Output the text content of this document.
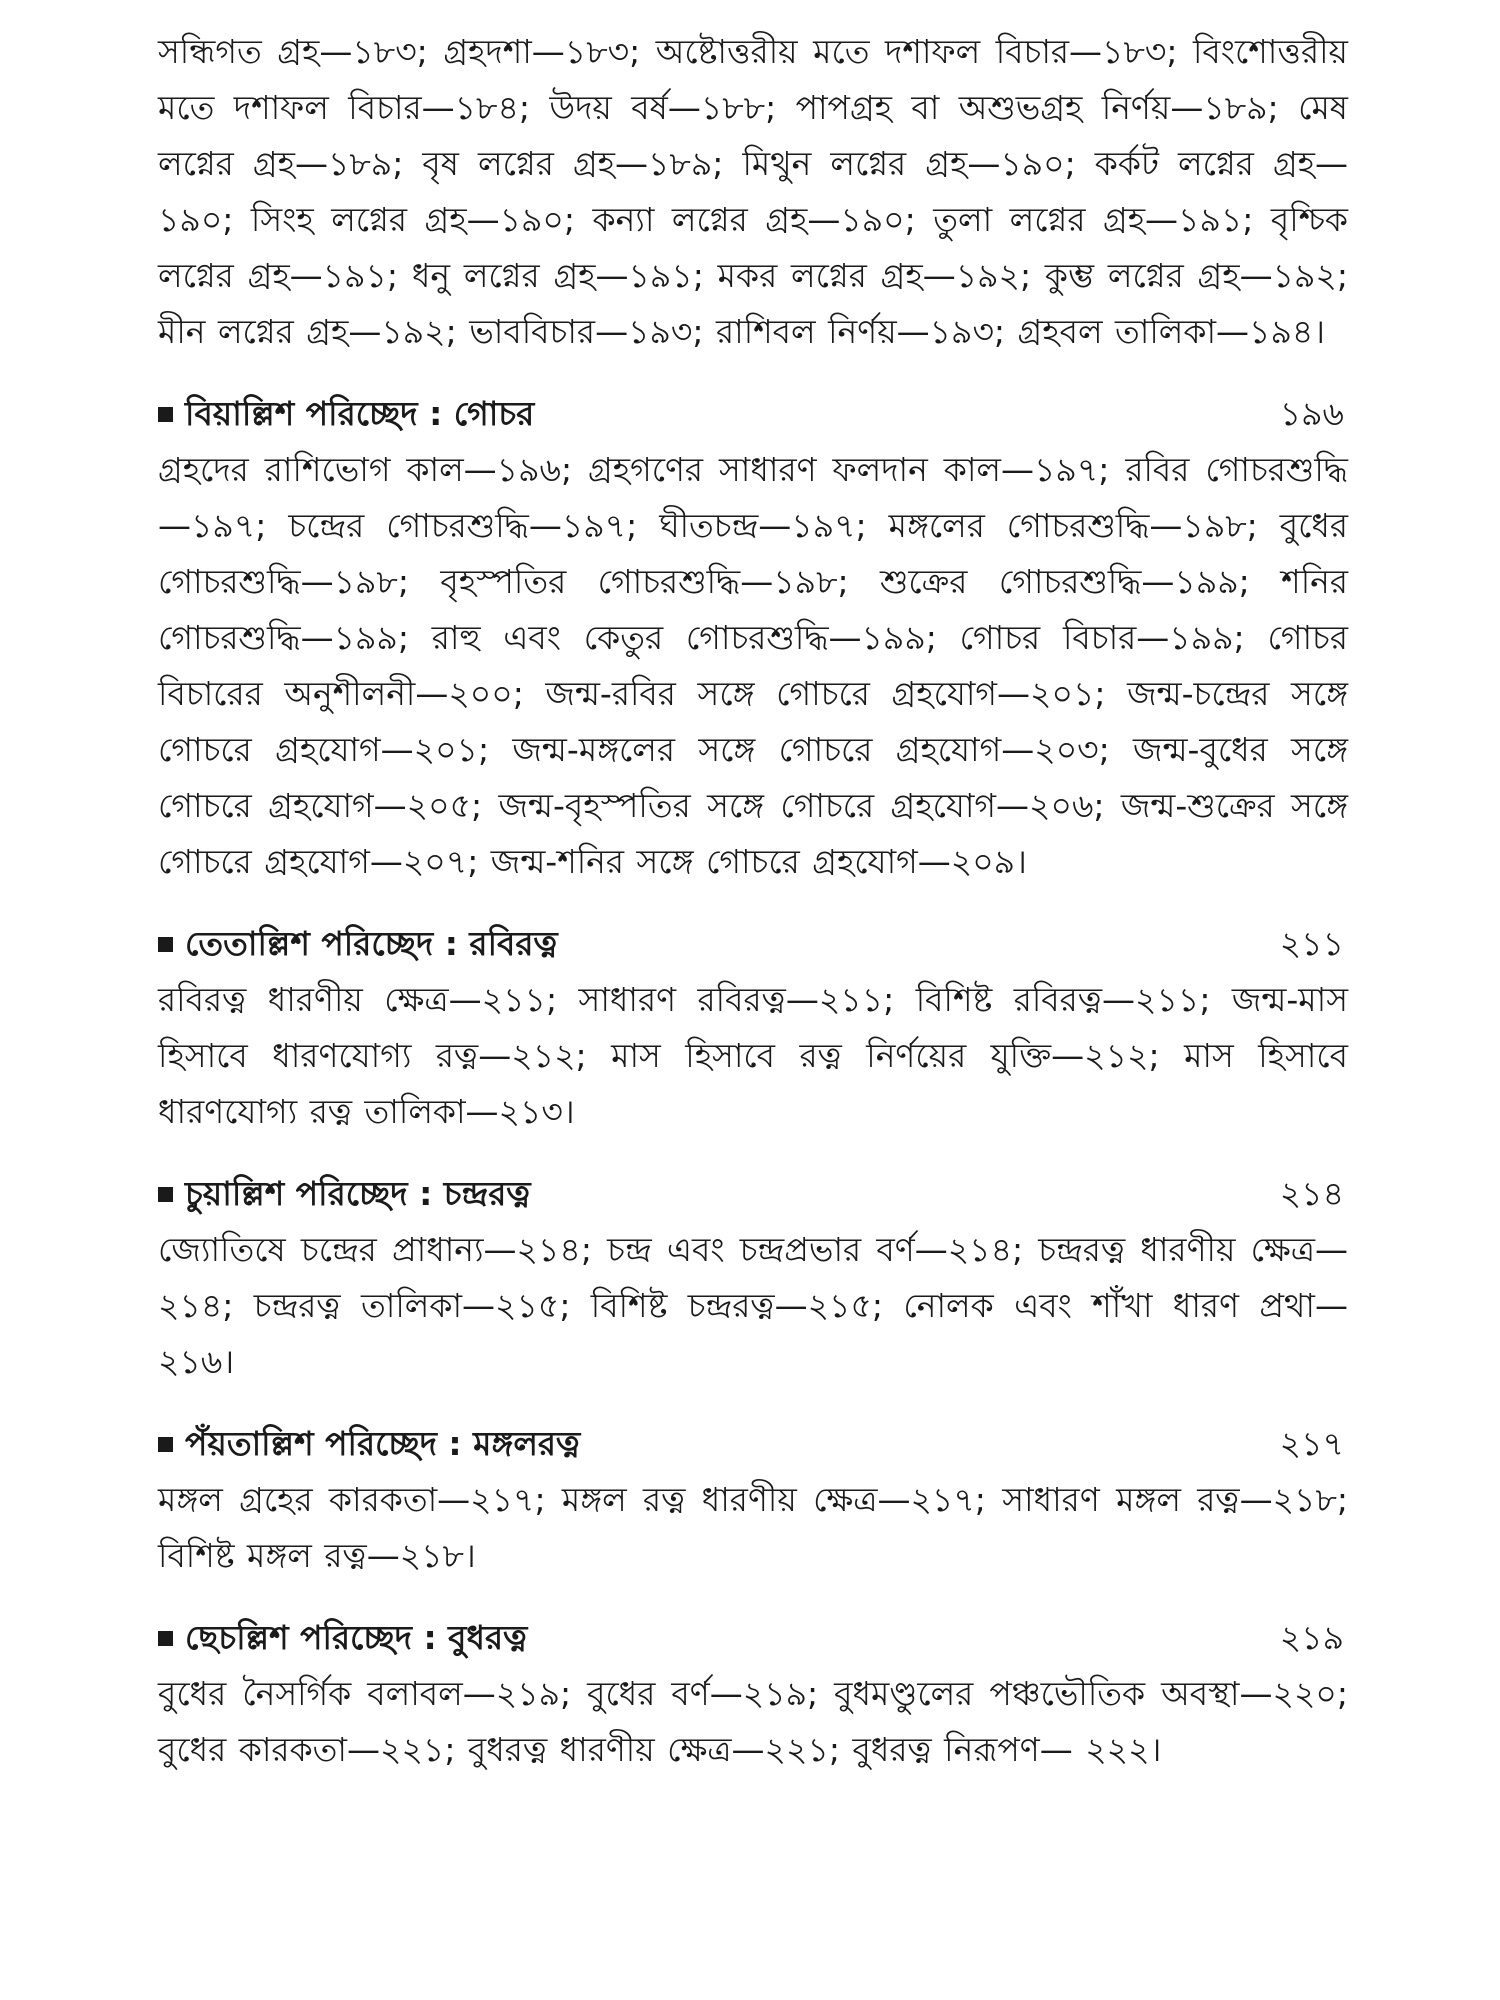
সন্ধিগত গ্রহ—১৮৩; গ্রহদশা—১৮৩; অষ্টোত্তরীয় মতে দশাফল বিচার—১৮৩; বিংশোত্তরীয় মতে দশাফল বিচার—১৮৪; উদয় বর্ষ—১৮৮; পাপগ্রহ বা অশুভগ্রহ নির্ণয়—১৮৯; মেষ লগ্নের গ্রহ—১৮৯; বৃষ লগ্নের গ্রহ—১৮৯; মিথুন লগ্নের গ্রহ—১৯০; কর্কট লগ্নের গ্রহ—১৯০; সিংহ লগ্নের গ্রহ—১৯০; কন্যা লগ্নের গ্রহ—১৯০; তুলা লগ্নের গ্রহ—১৯১; বৃশ্চিক লগ্নের গ্রহ—১৯১; ধনু লগ্নের গ্রহ—১৯১; মকর লগ্নের গ্রহ—১৯২; কুম্ভ লগ্নের গ্রহ—১৯২; মীন লগ্নের গ্রহ—১৯২; ভাববিচার—১৯৩; রাশিবল নির্ণয়—১৯৩; গ্রহবল তালিকা—১৯৪।

বিয়াল্লিশ পরিচ্ছেদ : গোচর	১৯৬

গ্রহদের রাশিভোগ কাল—১৯৬; গ্রহগণের সাধারণ ফলদান কাল—১৯৭; রবির গোচরশুদ্ধি—১৯৭; চন্দ্রের গোচরশুদ্ধি—১৯৭; ঘীতচন্দ্র—১৯৭; মঙ্গলের গোচরশুদ্ধি—১৯৮; বুধের গোচরশুদ্ধি—১৯৮; বৃহস্পতির গোচরশুদ্ধি—১৯৮; শুক্রের গোচরশুদ্ধি—১৯৯; শনির গোচরশুদ্ধি—১৯৯; রাহু এবং কেতুর গোচরশুদ্ধি—১৯৯; গোচর বিচার—১৯৯; গোচর বিচারের অনুশীলনী—২০০; জন্ম-রবির সঙ্গে গোচরে গ্রহযোগ—২০১; জন্ম-চন্দ্রের সঙ্গে গোচরে গ্রহযোগ—২০১; জন্ম-মঙ্গলের সঙ্গে গোচরে গ্রহযোগ—২০৩; জন্ম-বুধের সঙ্গে গোচরে গ্রহযোগ—২০৫; জন্ম-বৃহস্পতির সঙ্গে গোচরে গ্রহযোগ—২০৬; জন্ম-শুক্রের সঙ্গে গোচরে গ্রহযোগ—২০৭; জন্ম-শনির সঙ্গে গোচরে গ্রহযোগ—২০৯।

তেতাল্লিশ পরিচ্ছেদ : রবিরত্ন	২১১

রবিরত্ন ধারণীয় ক্ষেত্র—২১১; সাধারণ রবিরত্ন—২১১; বিশিষ্ট রবিরত্ন—২১১; জন্ম-মাস হিসাবে ধারণযোগ্য রত্ন—২১২; মাস হিসাবে রত্ন নির্ণয়ের যুক্তি—২১২; মাস হিসাবে ধারণযোগ্য রত্ন তালিকা—২১৩।

চুয়াল্লিশ পরিচ্ছেদ : চন্দ্ররত্ন	২১৪

জ্যোতিষে চন্দ্রের প্রাধান্য—২১৪; চন্দ্র এবং চন্দ্রপ্রভার বর্ণ—২১৪; চন্দ্ররত্ন ধারণীয় ক্ষেত্র—২১৪; চন্দ্ররত্ন তালিকা—২১৫; বিশিষ্ট চন্দ্ররত্ন—২১৫; নোলক এবং শাঁখা ধারণ প্রথা—২১৬।

পঁয়তাল্লিশ পরিচ্ছেদ : মঙ্গলরত্ন	২১৭

মঙ্গল গ্রহের কারকতা—২১৭; মঙ্গল রত্ন ধারণীয় ক্ষেত্র—২১৭; সাধারণ মঙ্গল রত্ন—২১৮; বিশিষ্ট মঙ্গল রত্ন—২১৮।

ছেচল্লিশ পরিচ্ছেদ : বুধরত্ন	২১৯

বুধের নৈসর্গিক বলাবল—২১৯; বুধের বর্ণ—২১৯; বুধমণ্ডুলের পঞ্চভৌতিক অবস্থা—২২০; বুধের কারকতা—২২১; বুধরত্ন ধারণীয় ক্ষেত্র—২২১; বুধরত্ন নিরূপণ— ২২২।
